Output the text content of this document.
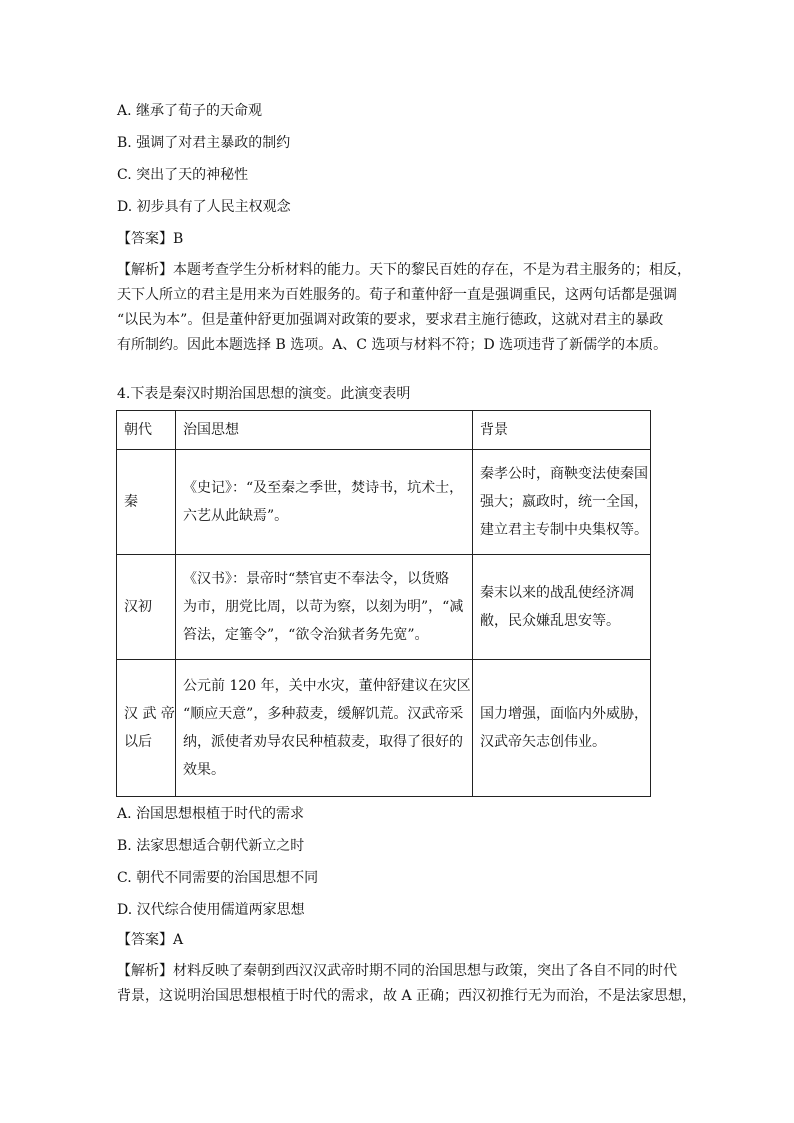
A. 继承了荀子的天命观
B. 强调了对君主暴政的制约
C. 突出了天的神秘性
D. 初步具有了人民主权观念
【答案】B
【解析】本题考查学生分析材料的能力。天下的黎民百姓的存在，不是为君主服务的；相反，
天下人所立的君主是用来为百姓服务的。荀子和董仲舒一直是强调重民，这两句话都是强调
“以民为本”。但是董仲舒更加强调对政策的要求，要求君主施行德政，这就对君主的暴政
有所制约。因此本题选择 B 选项。A、C 选项与材料不符；D 选项违背了新儒学的本质。
4.下表是秦汉时期治国思想的演变。此演变表明
朝代	治国思想	背景

秦	《史记》：“及至秦之季世，焚诗书，坑术士，
六艺从此缺焉”。	秦孝公时，商鞅变法使秦国
强大；嬴政时，统一全国，
建立君主专制中央集权等。

汉初	《汉书》：景帝时“禁官吏不奉法令，以货赂
为市，朋党比周，以苛为察，以刻为明”，“减
笞法，定箠令”，“欲令治狱者务先宽”。	秦末以来的战乱使经济凋
敝，民众嫌乱思安等。

汉 武 帝
以后	公元前 120 年，关中水灾，董仲舒建议在灾区
“顺应天意”，多种菽麦，缓解饥荒。汉武帝采
纳，派使者劝导农民种植菽麦，取得了很好的
效果。	国力增强，面临内外威胁，
汉武帝矢志创伟业。
A. 治国思想根植于时代的需求
B. 法家思想适合朝代新立之时
C. 朝代不同需要的治国思想不同
D. 汉代综合使用儒道两家思想
【答案】A
【解析】材料反映了秦朝到西汉汉武帝时期不同的治国思想与政策，突出了各自不同的时代
背景，这说明治国思想根植于时代的需求，故 A 正确；西汉初推行无为而治，不是法家思想，
